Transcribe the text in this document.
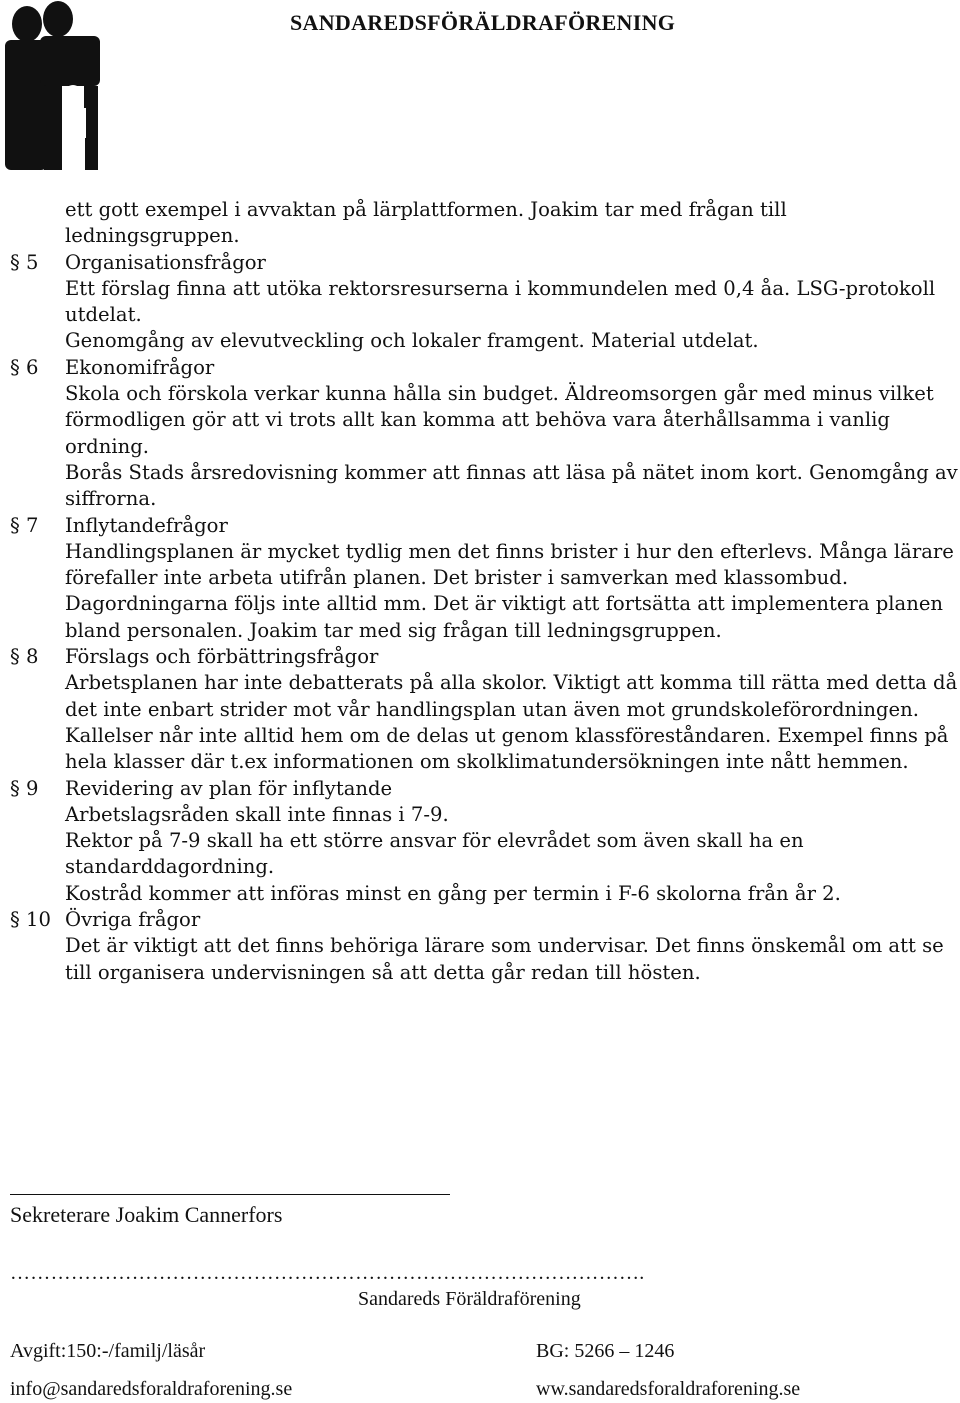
SANDAREDSFÖRÄLDRAFÖRENING
ett gott exempel i avvaktan på lärplattformen. Joakim tar med frågan till ledningsgruppen.
§ 5 Organisationsfrågor
Ett förslag finna att utöka rektorsresurserna i kommundelen med 0,4 åa. LSG-protokoll utdelat.
Genomgång av elevutveckling och lokaler framgent. Material utdelat.
§ 6 Ekonomifrågor
Skola och förskola verkar kunna hålla sin budget. Äldreomsorgen går med minus vilket förmodligen gör att vi trots allt kan komma att behöva vara återhållsamma i vanlig ordning.
Borås Stads årsredovisning kommer att finnas att läsa på nätet inom kort. Genomgång av siffrorna.
§ 7 Inflytandefrågor
Handlingsplanen är mycket tydlig men det finns brister i hur den efterlevs. Många lärare förefaller inte arbeta utifrån planen. Det brister i samverkan med klassombud. Dagordningarna följs inte alltid mm. Det är viktigt att fortsätta att implementera planen bland personalen. Joakim tar med sig frågan till ledningsgruppen.
§ 8 Förslags och förbättringsfrågor
Arbetsplanen har inte debatterats på alla skolor. Viktigt att komma till rätta med detta då det inte enbart strider mot vår handlingsplan utan även mot grundskoleförordningen. Kallelser når inte alltid hem om de delas ut genom klassföreståndaren. Exempel finns på hela klasser där t.ex informationen om skolklimatundersökningen inte nått hemmen.
§ 9 Revidering av plan för inflytande
Arbetslagsråden skall inte finnas i 7-9.
Rektor på 7-9 skall ha ett större ansvar för elevrådet som även skall ha en standarddagordning.
Kostråd kommer att införas minst en gång per termin i F-6 skolorna från år 2.
§ 10 Övriga frågor
Det är viktigt att det finns behöriga lärare som undervisar. Det finns önskemål om att se till organisera undervisningen så att detta går redan till hösten.
Sekreterare Joakim Cannerfors
………………………………………………………………………………….
Sandareds Föräldraförening
Avgift:150:-/familj/läsår	BG: 5266 – 1246
info@sandaredsforaldraforening.se	ww.sandaredsforaldraforening.se
